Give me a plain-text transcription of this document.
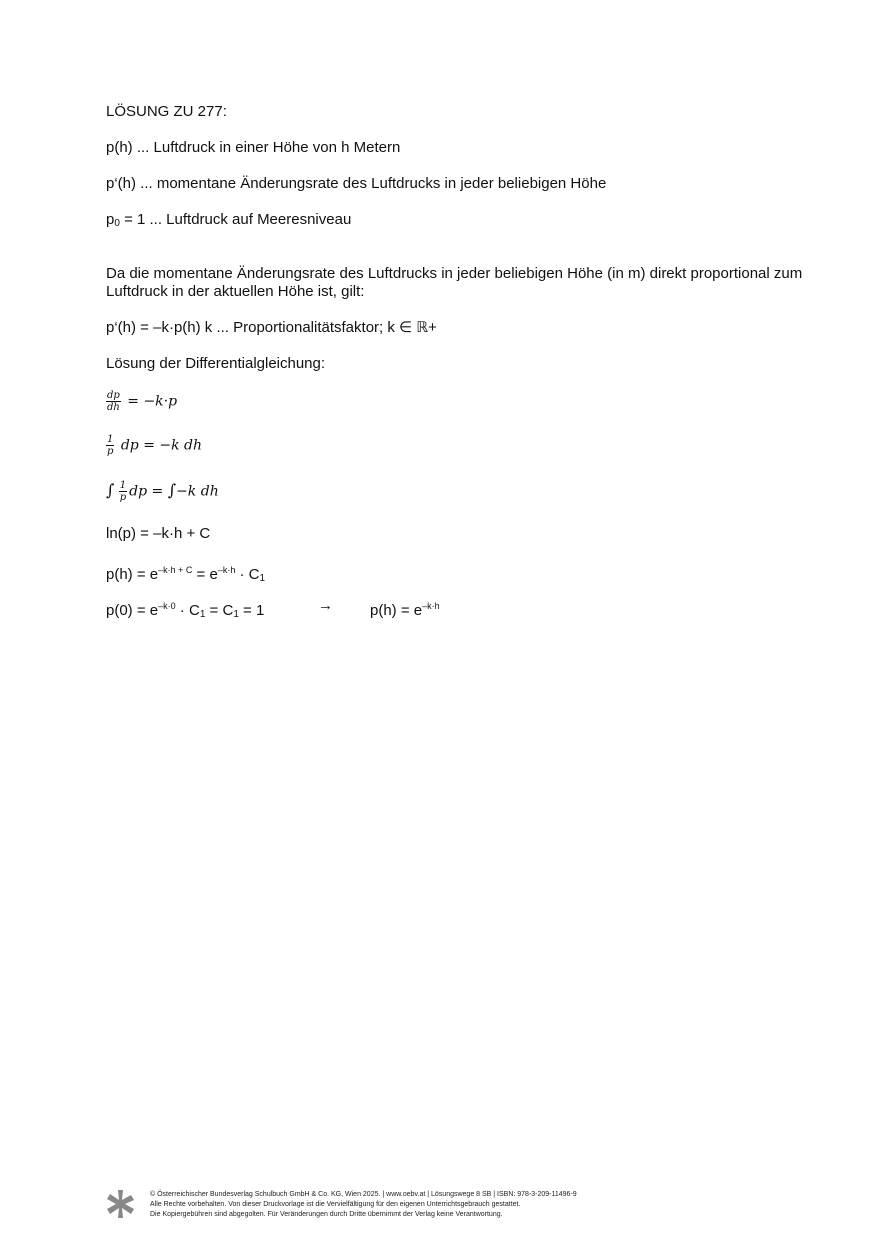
LÖSUNG ZU 277:
p(h) ... Luftdruck in einer Höhe von h Metern
p‘(h) ... momentane Änderungsrate des Luftdrucks in jeder beliebigen Höhe
$p_0 = 1$ ... Luftdruck auf Meeresniveau
Da die momentane Änderungsrate des Luftdrucks in jeder beliebigen Höhe (in m) direkt proportional zum Luftdruck in der aktuellen Höhe ist, gilt:
p‘(h) = –k·p(h) k ... Proportionalitätsfaktor; k ∈ ℝ+
Lösung der Differentialgleichung:
$\frac{dp}{dh} = -k\cdot p$
$\frac{1}{p}$ dp = −k dh
∫ $\frac{1}{p}$ dp = ∫−k dh
ln(p) = –k·h + C
$p(h) = e^{-k\cdot h + C} = e^{-k\cdot h} \cdot C_1$
$p(0) = e^{-k\cdot 0} \cdot C_1 = C_1 = 1$	→ $p(h) = e^{-k\cdot h}$
© Österreichischer Bundesverlag Schulbuch GmbH & Co. KG, Wien 2025. | www.oebv.at | Lösungswege 8 SB | ISBN: 978-3-209-11496-9
Alle Rechte vorbehalten. Von dieser Druckvorlage ist die Vervielfältigung für den eigenen Unterrichtsgebrauch gestattet.
Die Kopiergebühren sind abgegolten. Für Veränderungen durch Dritte übernimmt der Verlag keine Verantwortung.
